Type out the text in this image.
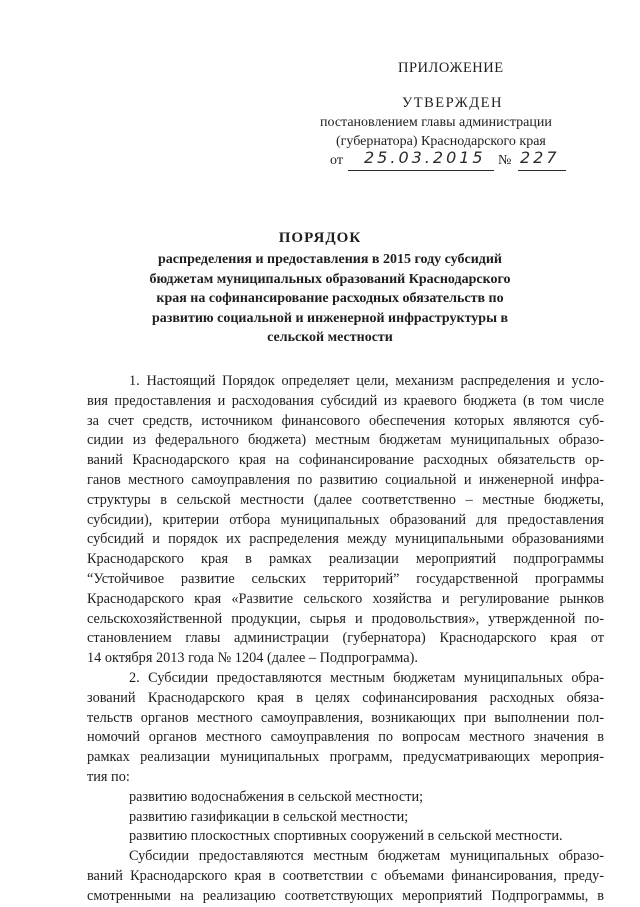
ПРИЛОЖЕНИЕ
УТВЕРЖДЕН
постановлением главы администрации
(губернатора) Краснодарского края
от 25.03.2015 № 227
ПОРЯДОК
распределения и предоставления в 2015 году субсидий
бюджетам муниципальных образований Краснодарского
края на софинансирование расходных обязательств по
развитию социальной и инженерной инфраструктуры в
сельской местности
1. Настоящий Порядок определяет цели, механизм распределения и усло-
вия предоставления и расходования субсидий из краевого бюджета (в том числе
за счет средств, источником финансового обеспечения которых являются суб-
сидии из федерального бюджета) местным бюджетам муниципальных образо-
ваний Краснодарского края на софинансирование расходных обязательств ор-
ганов местного самоуправления по развитию социальной и инженерной инфра-
структуры в сельской местности (далее соответственно – местные бюджеты,
субсидии), критерии отбора муниципальных образований для предоставления
субсидий и порядок их распределения между муниципальными образованиями
Краснодарского края в рамках реализации мероприятий подпрограммы
“Устойчивое развитие сельских территорий” государственной программы
Краснодарского края «Развитие сельского хозяйства и регулирование рынков
сельскохозяйственной продукции, сырья и продовольствия», утвержденной по-
становлением главы администрации (губернатора) Краснодарского края от
14 октября 2013 года № 1204 (далее – Подпрограмма).
2. Субсидии предоставляются местным бюджетам муниципальных обра-
зований Краснодарского края в целях софинансирования расходных обяза-
тельств органов местного самоуправления, возникающих при выполнении пол-
номочий органов местного самоуправления по вопросам местного значения в
рамках реализации муниципальных программ, предусматривающих мероприя-
тия по:
развитию водоснабжения в сельской местности;
развитию газификации в сельской местности;
развитию плоскостных спортивных сооружений в сельской местности.
Субсидии предоставляются местным бюджетам муниципальных образо-
ваний Краснодарского края в соответствии с объемами финансирования, преду-
смотренными на реализацию соответствующих мероприятий Подпрограммы, в
